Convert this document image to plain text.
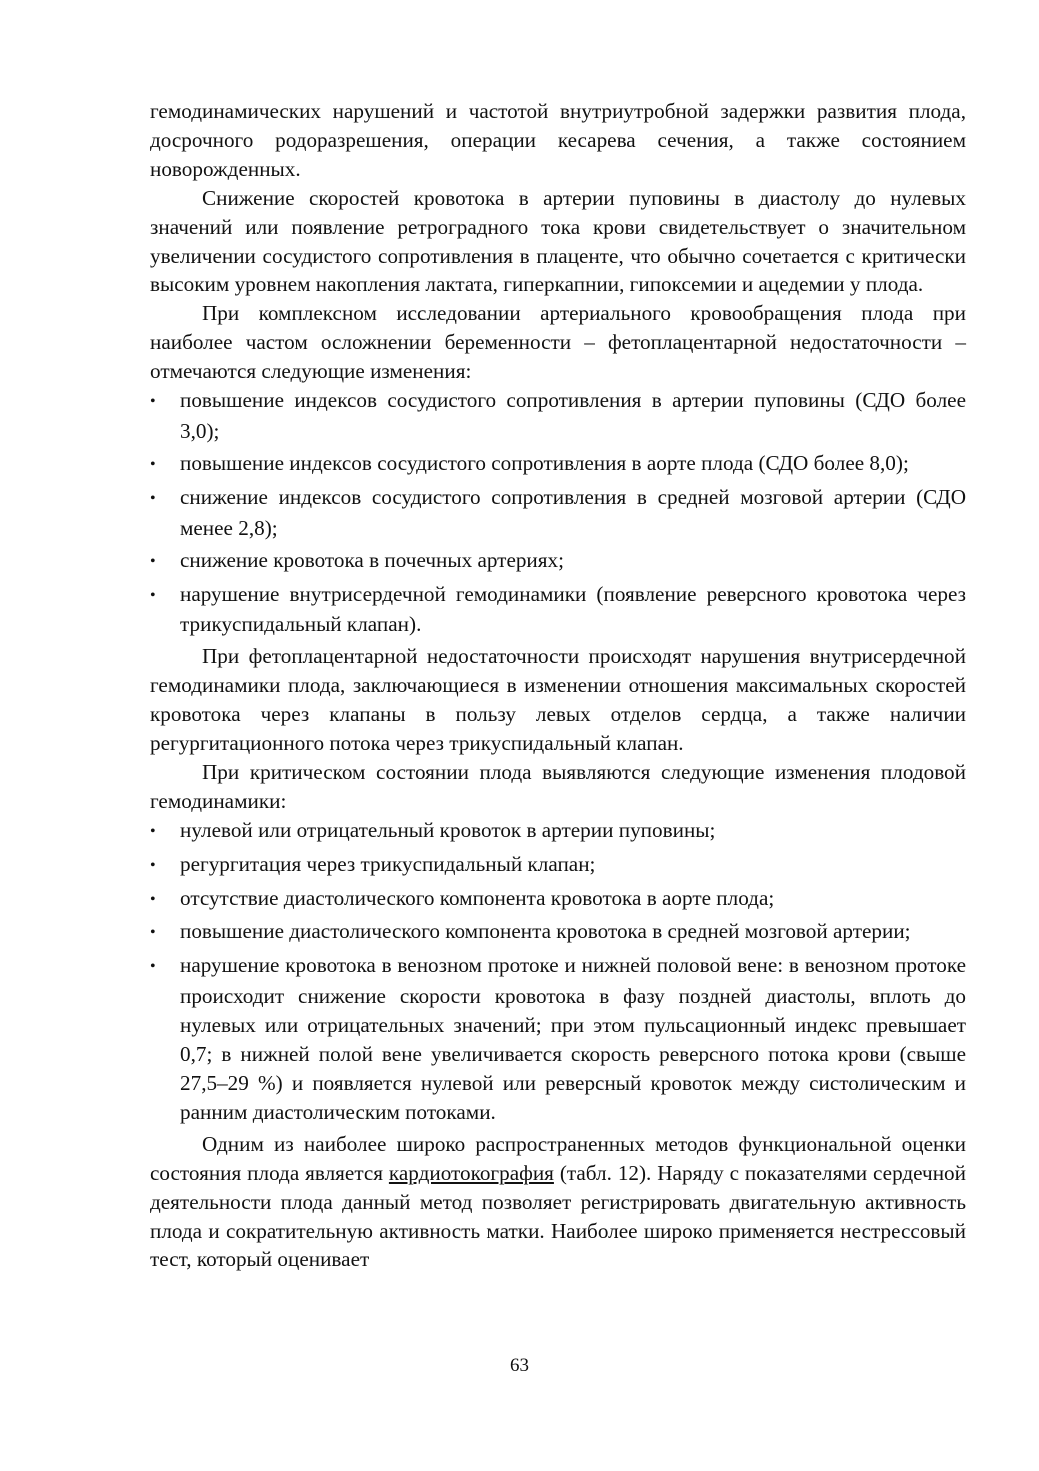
гемодинамических нарушений и частотой внутриутробной задержки развития плода, досрочного родоразрешения, операции кесарева сечения, а также состоянием новорожденных.

Снижение скоростей кровотока в артерии пуповины в диастолу до нулевых значений или появление ретроградного тока крови свидетельствует о значительном увеличении сосудистого сопротивления в плаценте, что обычно сочетается с критически высоким уровнем накопления лактата, гиперкапнии, гипоксемии и ацедемии у плода.

При комплексном исследовании артериального кровообращения плода при наиболее частом осложнении беременности – фетоплацентарной недостаточности – отмечаются следующие изменения:

• повышение индексов сосудистого сопротивления в артерии пуповины (СДО более 3,0);
• повышение индексов сосудистого сопротивления в аорте плода (СДО более 8,0);
• снижение индексов сосудистого сопротивления в средней мозговой артерии (СДО менее 2,8);
• снижение кровотока в почечных артериях;
• нарушение внутрисердечной гемодинамики (появление реверсного кровотока через трикуспидальный клапан).

При фетоплацентарной недостаточности происходят нарушения внутрисердечной гемодинамики плода, заключающиеся в изменении отношения максимальных скоростей кровотока через клапаны в пользу левых отделов сердца, а также наличии регургитационного потока через трикуспидальный клапан.

При критическом состоянии плода выявляются следующие изменения плодовой гемодинамики:

• нулевой или отрицательный кровоток в артерии пуповины;
• регургитация через трикуспидальный клапан;
• отсутствие диастолического компонента кровотока в аорте плода;
• повышение диастолического компонента кровотока в средней мозговой артерии;
• нарушение кровотока в венозном протоке и нижней половой вене: в венозном протоке происходит снижение скорости кровотока в фазу поздней диастолы, вплоть до нулевых или отрицательных значений; при этом пульсационный индекс превышает 0,7; в нижней полой вене увеличивается скорость реверсного потока крови (свыше 27,5–29 %) и появляется нулевой или реверсный кровоток между систолическим и ранним диастолическим потоками.

Одним из наиболее широко распространенных методов функциональной оценки состояния плода является кардиотокография (табл. 12). Наряду с показателями сердечной деятельности плода данный метод позволяет регистрировать двигательную активность плода и сократительную активность матки. Наиболее широко применяется нестрессовый тест, который оценивает

63
